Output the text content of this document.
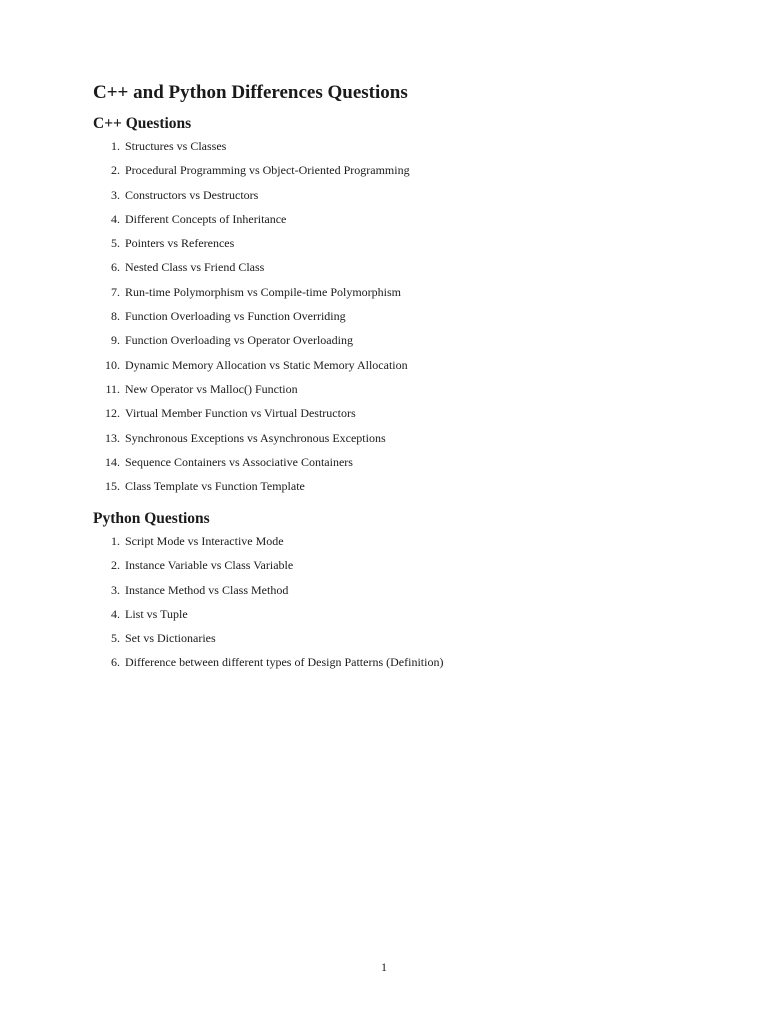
C++ and Python Differences Questions
C++ Questions
1. Structures vs Classes
2. Procedural Programming vs Object-Oriented Programming
3. Constructors vs Destructors
4. Different Concepts of Inheritance
5. Pointers vs References
6. Nested Class vs Friend Class
7. Run-time Polymorphism vs Compile-time Polymorphism
8. Function Overloading vs Function Overriding
9. Function Overloading vs Operator Overloading
10. Dynamic Memory Allocation vs Static Memory Allocation
11. New Operator vs Malloc() Function
12. Virtual Member Function vs Virtual Destructors
13. Synchronous Exceptions vs Asynchronous Exceptions
14. Sequence Containers vs Associative Containers
15. Class Template vs Function Template
Python Questions
1. Script Mode vs Interactive Mode
2. Instance Variable vs Class Variable
3. Instance Method vs Class Method
4. List vs Tuple
5. Set vs Dictionaries
6. Difference between different types of Design Patterns (Definition)
1
